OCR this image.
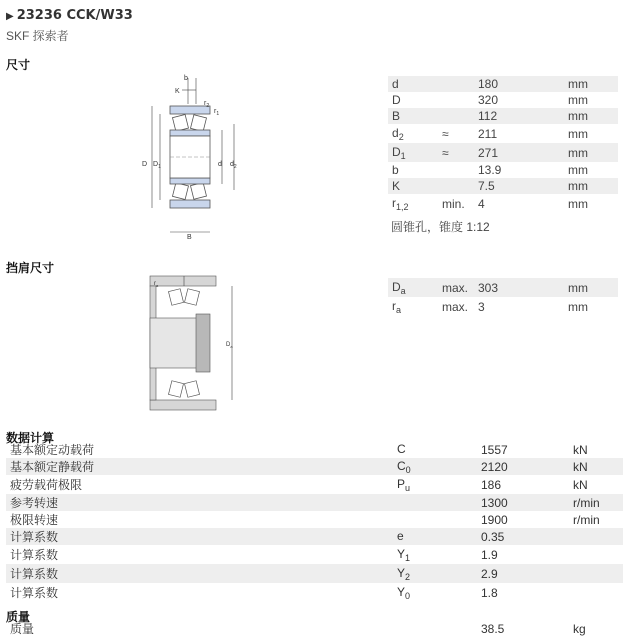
▶ 23236 CCK/W33
SKF 探索者
尺寸
b
K
$r_2$
$r_1$
D $D_1$	d $d_2$
B
d		180	mm
D		320	mm
B		112	mm
$d_2$	≈	211	mm
$D_1$	≈	271	mm
b		13.9	mm
K		7.5	mm
$r_{1,2}$	min.	4	mm
圆锥孔，锥度 1:12
挡肩尺寸
$r_a$
$D_a$
$D_a$	max.	303	mm
$r_a$	max.	3	mm
数据计算
基本额定动载荷	C	1557	kN
基本额定静载荷	$C_0$	2120	kN
疲劳载荷极限	$P_u$	186	kN
参考转速		1300	r/min
极限转速		1900	r/min
计算系数	e	0.35	
计算系数	$Y_1$	1.9	
计算系数	$Y_2$	2.9	
计算系数	$Y_0$	1.8	
质量
质量		38.5	kg
